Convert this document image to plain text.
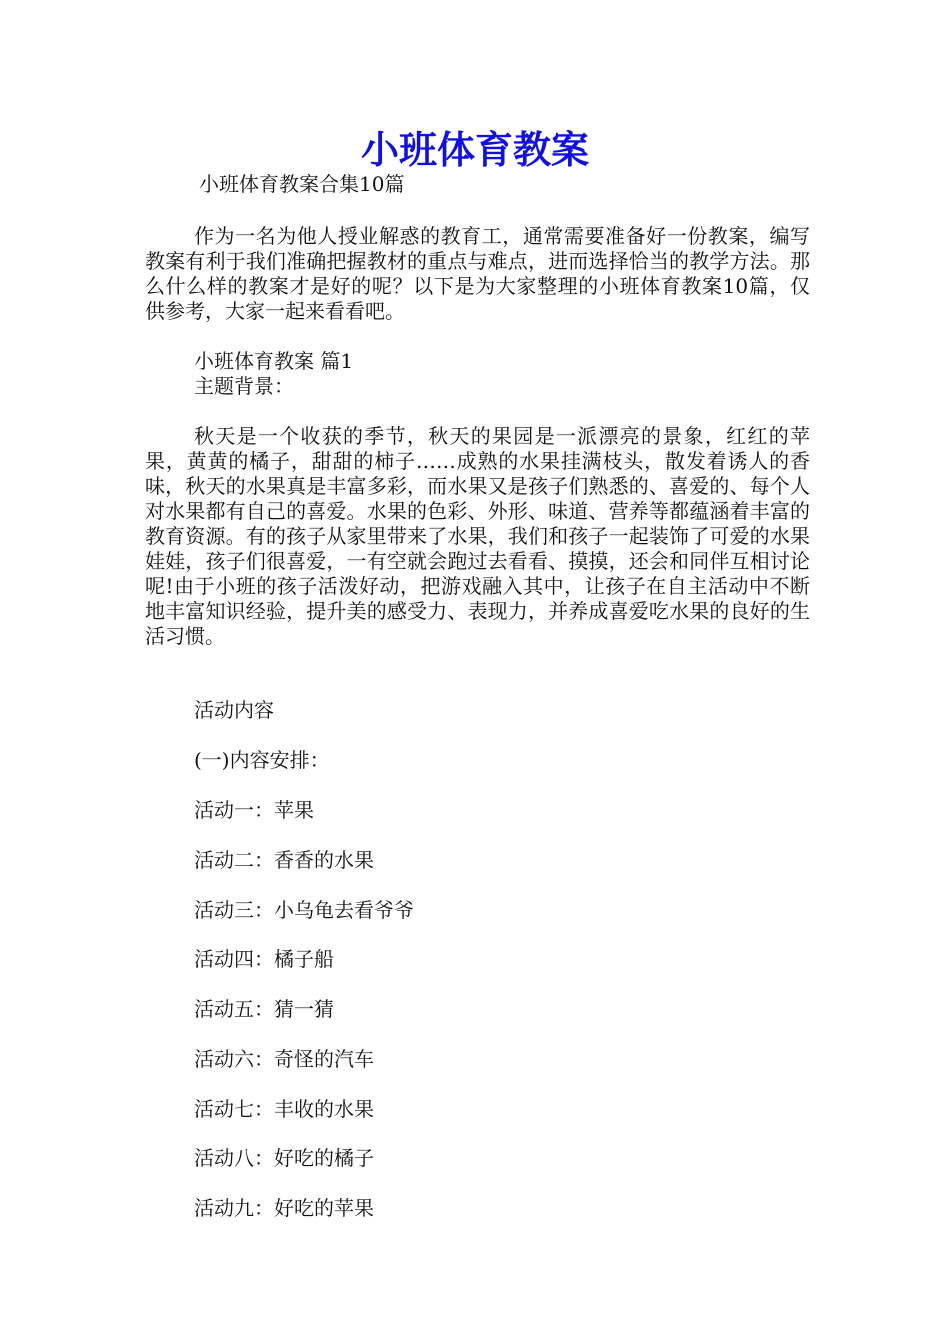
小班体育教案

小班体育教案合集10篇

作为一名为他人授业解惑的教育工，通常需要准备好一份教案，编写教案有利于我们准确把握教材的重点与难点，进而选择恰当的教学方法。那么什么样的教案才是好的呢？以下是为大家整理的小班体育教案10篇，仅供参考，大家一起来看看吧。

小班体育教案 篇1

主题背景：

秋天是一个收获的季节，秋天的果园是一派漂亮的景象，红红的苹果，黄黄的橘子，甜甜的柿子……成熟的水果挂满枝头，散发着诱人的香味，秋天的水果真是丰富多彩，而水果又是孩子们熟悉的、喜爱的、每个人对水果都有自己的喜爱。水果的色彩、外形、味道、营养等都蕴涵着丰富的教育资源。有的孩子从家里带来了水果，我们和孩子一起装饰了可爱的水果娃娃，孩子们很喜爱，一有空就会跑过去看看、摸摸，还会和同伴互相讨论呢!由于小班的孩子活泼好动，把游戏融入其中，让孩子在自主活动中不断地丰富知识经验，提升美的感受力、表现力，并养成喜爱吃水果的良好的生活习惯。

活动内容

(一)内容安排：

活动一：苹果

活动二：香香的水果

活动三：小乌龟去看爷爷

活动四：橘子船

活动五：猜一猜

活动六：奇怪的汽车

活动七：丰收的水果

活动八：好吃的橘子

活动九：好吃的苹果
